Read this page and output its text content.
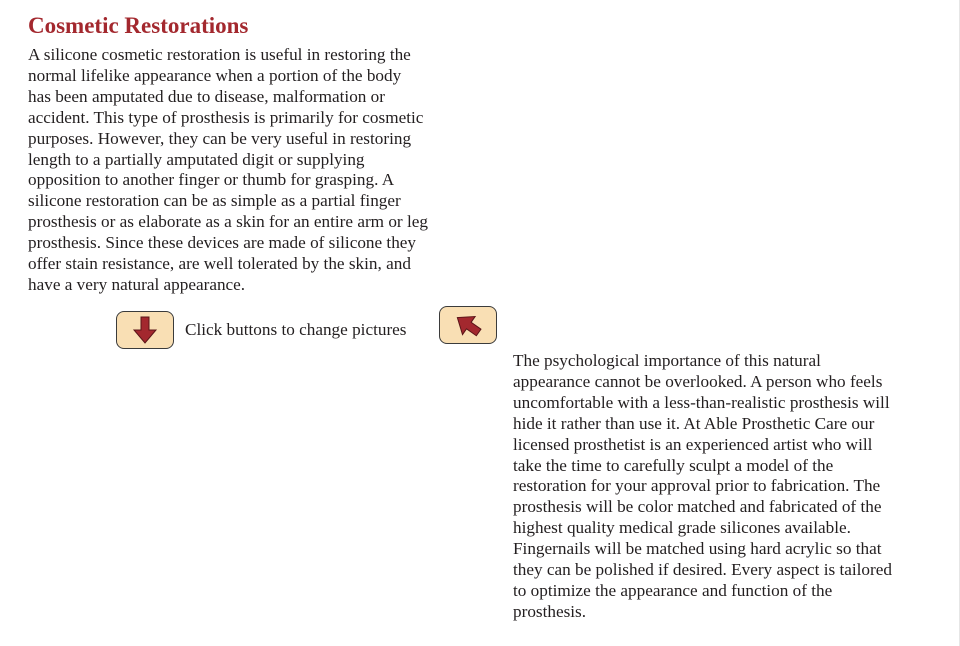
Cosmetic Restorations

A silicone cosmetic restoration is useful in restoring the
normal lifelike appearance when a portion of the body
has been amputated due to disease, malformation or
accident. This type of prosthesis is primarily for cosmetic
purposes. However, they can be very useful in restoring
length to a partially amputated digit or supplying
opposition to another finger or thumb for grasping. A
silicone restoration can be as simple as a partial finger
prosthesis or as elaborate as a skin for an entire arm or leg
prosthesis. Since these devices are made of silicone they
offer stain resistance, are well tolerated by the skin, and
have a very natural appearance.

Click buttons to change pictures

The psychological importance of this natural
appearance cannot be overlooked. A person who feels
uncomfortable with a less-than-realistic prosthesis will
hide it rather than use it. At Able Prosthetic Care our
licensed prosthetist is an experienced artist who will
take the time to carefully sculpt a model of the
restoration for your approval prior to fabrication. The
prosthesis will be color matched and fabricated of the
highest quality medical grade silicones available.
Fingernails will be matched using hard acrylic so that
they can be polished if desired. Every aspect is tailored
to optimize the appearance and function of the
prosthesis.
